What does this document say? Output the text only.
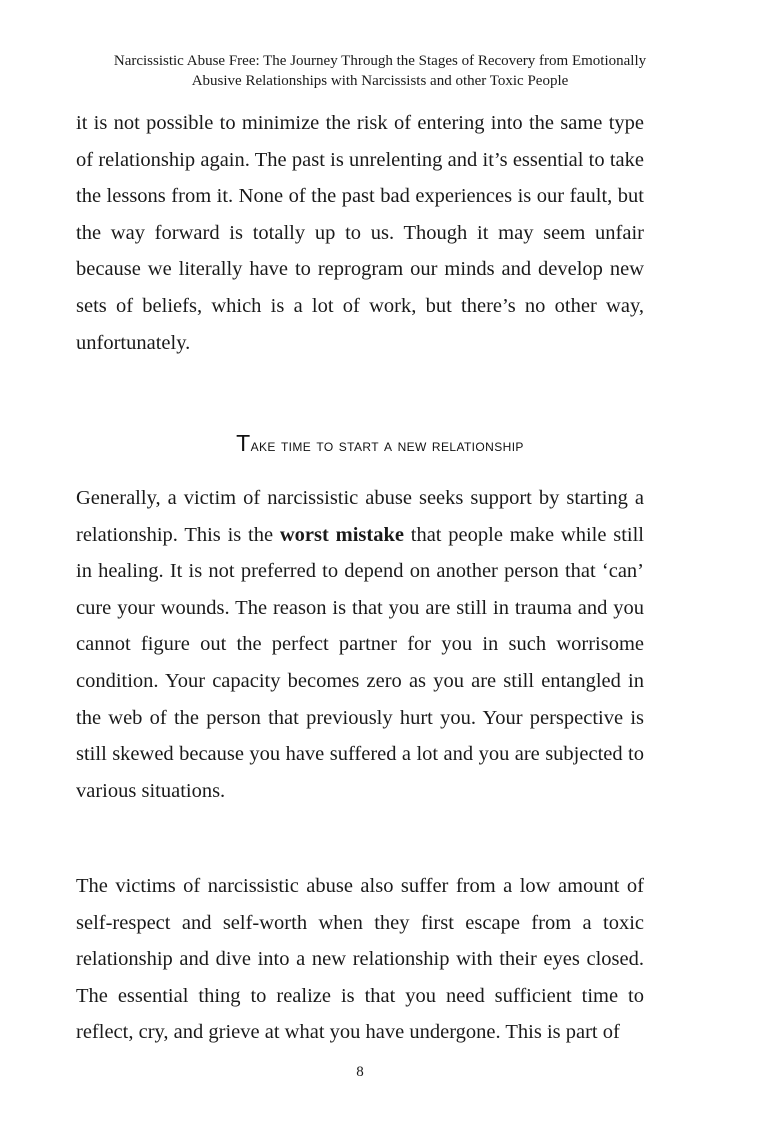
Narcissistic Abuse Free: The Journey Through the Stages of Recovery from Emotionally
Abusive Relationships with Narcissists and other Toxic People

it is not possible to minimize the risk of entering into the same type of relationship again. The past is unrelenting and it’s essential to take the lessons from it. None of the past bad experiences is our fault, but the way forward is totally up to us. Though it may seem unfair because we literally have to reprogram our minds and develop new sets of beliefs, which is a lot of work, but there’s no other way, unfortunately.

Take time to start a new relationship

Generally, a victim of narcissistic abuse seeks support by starting a relationship. This is the worst mistake that people make while still in healing. It is not preferred to depend on another person that ‘can’ cure your wounds. The reason is that you are still in trauma and you cannot figure out the perfect partner for you in such worrisome condition. Your capacity becomes zero as you are still entangled in the web of the person that previously hurt you. Your perspective is still skewed because you have suffered a lot and you are subjected to various situations.

The victims of narcissistic abuse also suffer from a low amount of self-respect and self-worth when they first escape from a toxic relationship and dive into a new relationship with their eyes closed. The essential thing to realize is that you need sufficient time to reflect, cry, and grieve at what you have undergone. This is part of

8
